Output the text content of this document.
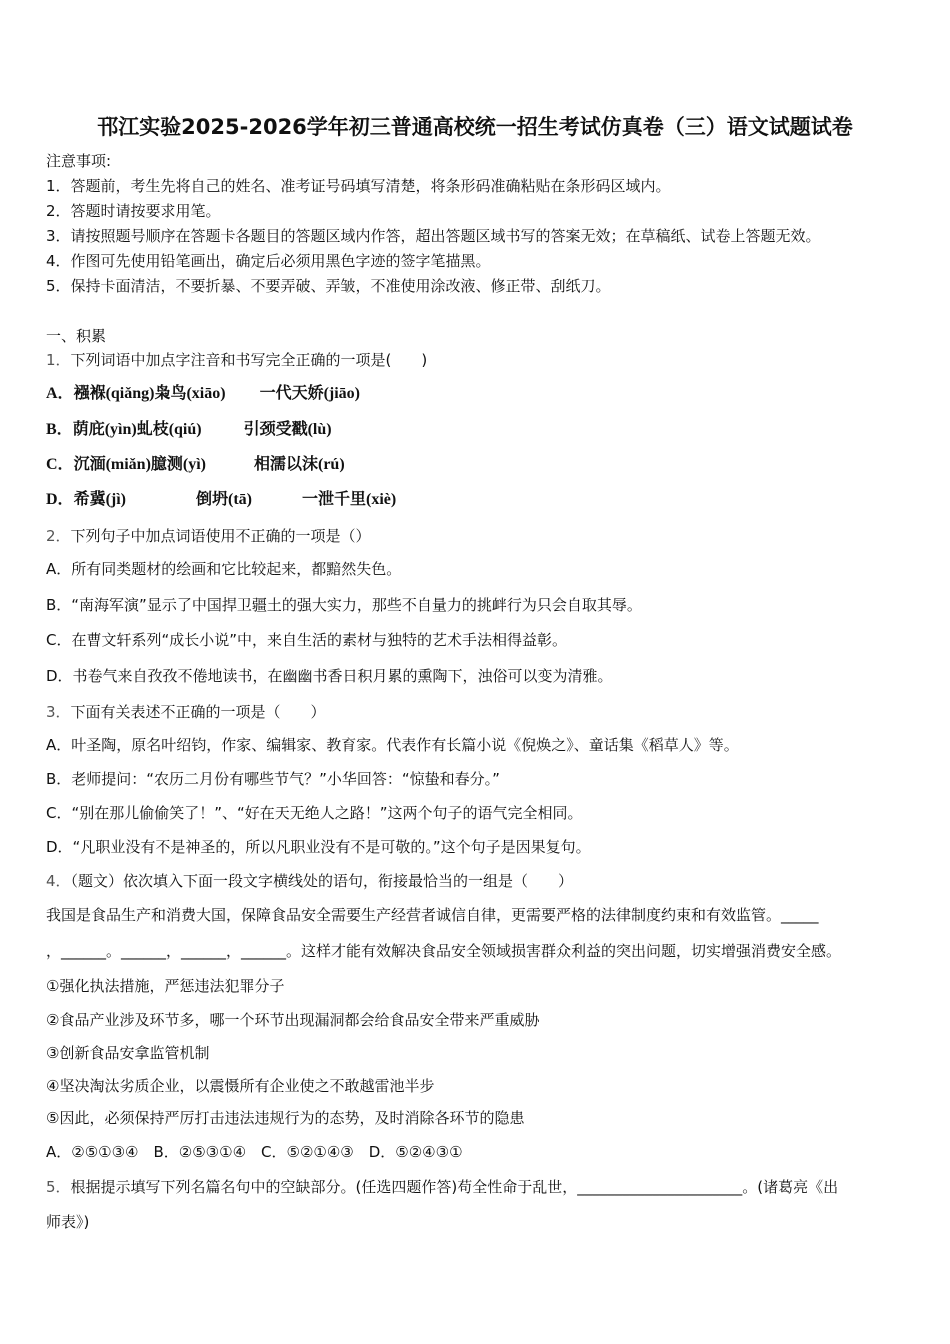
邗江实验2025-2026学年初三普通高校统一招生考试仿真卷（三）语文试题试卷
注意事项:
1．答题前，考生先将自己的姓名、准考证号码填写清楚，将条形码准确粘贴在条形码区域内。
2．答题时请按要求用笔。
3．请按照题号顺序在答题卡各题目的答题区域内作答，超出答题区域书写的答案无效；在草稿纸、试卷上答题无效。
4．作图可先使用铅笔画出，确定后必须用黑色字迹的签字笔描黑。
5．保持卡面清洁，不要折暴、不要弄破、弄皱，不准使用涂改液、修正带、刮纸刀。
一、积累
1．下列词语中加点字注音和书写完全正确的一项是(　　)
A．襁褓(qiǎng)枭鸟(xiāo) 一代天娇(jiāo)
B．荫庇(yìn)虬枝(qiú)	引颈受戳(lù)
C．沉湎(miǎn)臆测(yì)	相濡以沫(rú)
D．希冀(jì)	倒坍(tā)	一泄千里(xiè)
2．下列句子中加点词语使用不正确的一项是（）
A．所有同类题材的绘画和它比较起来，都黯然失色。
B．“南海军演”显示了中国捍卫疆土的强大实力，那些不自量力的挑衅行为只会自取其辱。
C．在曹文轩系列“成长小说”中，来自生活的素材与独特的艺术手法相得益彰。
D．书卷气来自孜孜不倦地读书，在幽幽书香日积月累的熏陶下，浊俗可以变为清雅。
3．下面有关表述不正确的一项是（　　）
A．叶圣陶，原名叶绍钧，作家、编辑家、教育家。代表作有长篇小说《倪焕之》、童话集《稻草人》等。
B．老师提问：“农历二月份有哪些节气？”小华回答：“惊蛰和春分。”
C．“别在那儿偷偷笑了！”、“好在天无绝人之路！”这两个句子的语气完全相同。
D．“凡职业没有不是神圣的，所以凡职业没有不是可敬的。”这个句子是因果复句。
4．（题文）依次填入下面一段文字横线处的语句，衔接最恰当的一组是（　　）
我国是食品生产和消费大国，保障食品安全需要生产经营者诚信自律，更需要严格的法律制度约束和有效监管。_____
，______。______，______，______。这样才能有效解决食品安全领域损害群众利益的突出问题，切实增强消费安全感。
①强化执法措施，严惩违法犯罪分子
②食品产业涉及环节多，哪一个环节出现漏洞都会给食品安全带来严重威胁
③创新食品安拿监管机制
④坚决淘汰劣质企业，以震慑所有企业使之不敢越雷池半步
⑤因此，必须保持严厉打击违法违规行为的态势，及时消除各环节的隐患
A．②⑤①③④　B．②⑤③①④　C．⑤②①④③　D．⑤②④③①
5．根据提示填写下列名篇名句中的空缺部分。(任选四题作答)苟全性命于乱世，______________________。(诸葛亮《出
师表》)
